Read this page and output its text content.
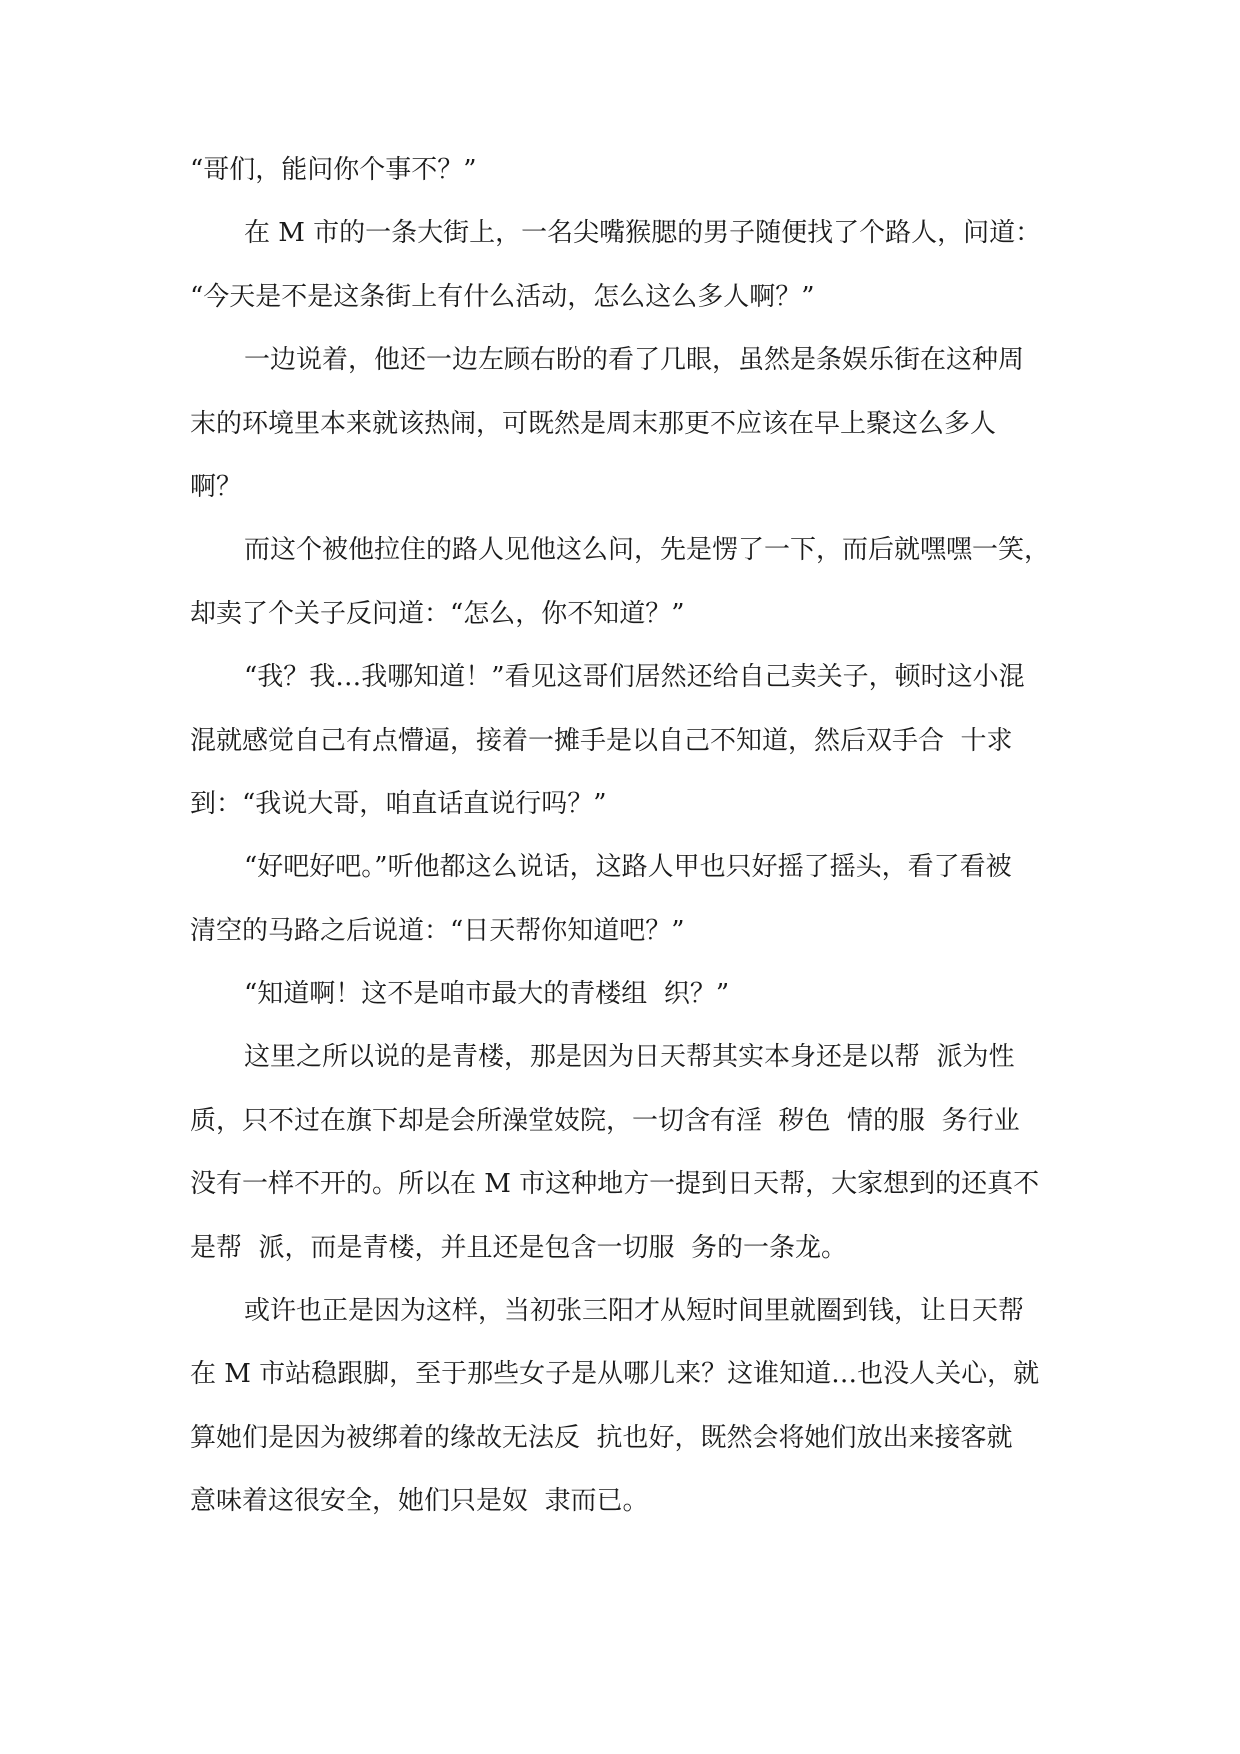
“哥们，能问你个事不？”
在 M 市的一条大街上，一名尖嘴猴腮的男子随便找了个路人，问道：
“今天是不是这条街上有什么活动，怎么这么多人啊？”
一边说着，他还一边左顾右盼的看了几眼，虽然是条娱乐街在这种周
末的环境里本来就该热闹，可既然是周末那更不应该在早上聚这么多人
啊？
而这个被他拉住的路人见他这么问，先是愣了一下，而后就嘿嘿一笑，
却卖了个关子反问道：“怎么，你不知道？”
“我？我…我哪知道！”看见这哥们居然还给自己卖关子，顿时这小混
混就感觉自己有点懵逼，接着一摊手是以自己不知道，然后双手合  十求
到：“我说大哥，咱直话直说行吗？”
“好吧好吧。”听他都这么说话，这路人甲也只好摇了摇头，看了看被
清空的马路之后说道：“日天帮你知道吧？”
“知道啊！这不是咱市最大的青楼组  织？”
这里之所以说的是青楼，那是因为日天帮其实本身还是以帮  派为性
质，只不过在旗下却是会所澡堂妓院，一切含有淫  秽色  情的服  务行业
没有一样不开的。所以在 M 市这种地方一提到日天帮，大家想到的还真不
是帮  派，而是青楼，并且还是包含一切服  务的一条龙。
或许也正是因为这样，当初张三阳才从短时间里就圈到钱，让日天帮
在 M 市站稳跟脚，至于那些女子是从哪儿来？这谁知道…也没人关心，就
算她们是因为被绑着的缘故无法反  抗也好，既然会将她们放出来接客就
意味着这很安全，她们只是奴  隶而已。
